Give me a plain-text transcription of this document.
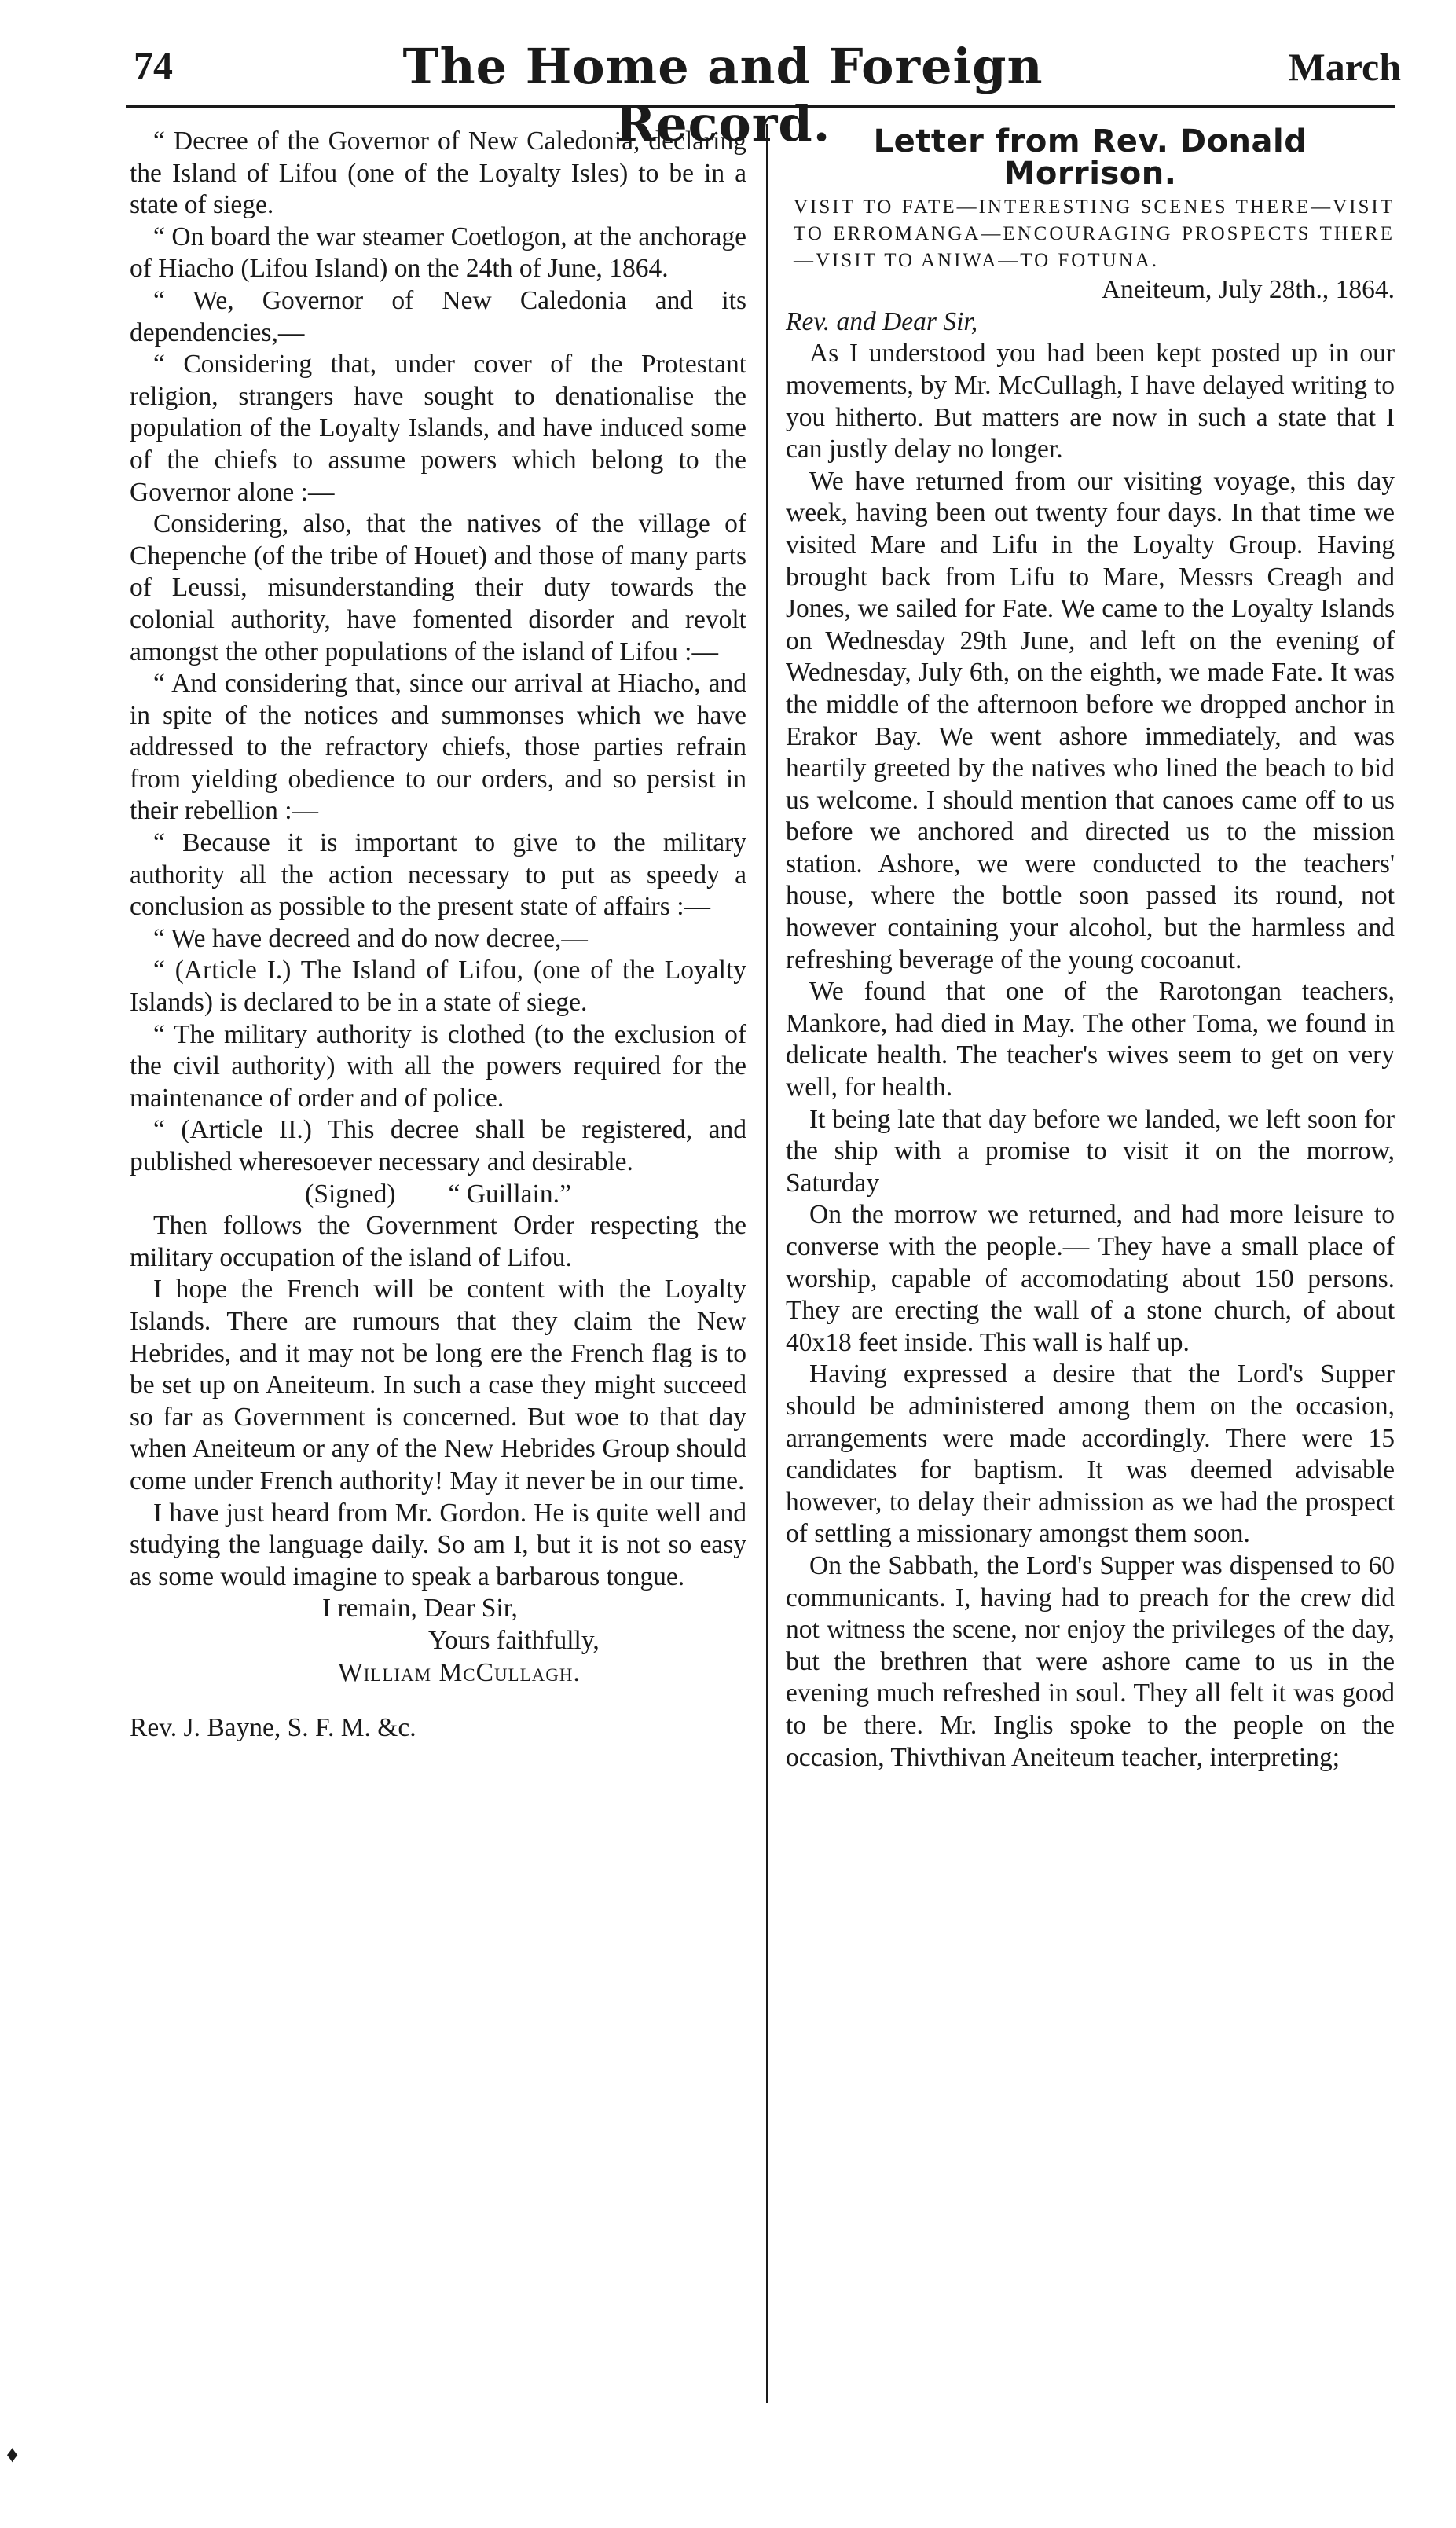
74	The Home and Foreign Record.
March

“ Decree of the Governor of New Caledonia, declaring the Island of Lifou (one of the Loyalty Isles) to be in a state of siege.

“ On board the war steamer Coetlogon, at the anchorage of Hiacho (Lifou Island) on the 24th of June, 1864.

“ We, Governor of New Caledonia and its dependencies,—

“ Considering that, under cover of the Protestant religion, strangers have sought to denationalise the population of the Loyalty Islands, and have induced some of the chiefs to assume powers which belong to the Governor alone :—

Considering, also, that the natives of the village of Chepenche (of the tribe of Houet) and those of many parts of Leussi, misunderstanding their duty towards the colonial authority, have fomented disorder and revolt amongst the other populations of the island of Lifou :—

“ And considering that, since our arrival at Hiacho, and in spite of the notices and summonses which we have addressed to the refractory chiefs, those parties refrain from yielding obedience to our orders, and so persist in their rebellion :—

“ Because it is important to give to the military authority all the action necessary to put as speedy a conclusion as possible to the present state of affairs :—

“ We have decreed and do now decree,—

“ (Article I.) The Island of Lifou, (one of the Loyalty Islands) is declared to be in a state of siege.

“ The military authority is clothed (to the exclusion of the civil authority) with all the powers required for the maintenance of order and of police.

“ (Article II.) This decree shall be registered, and published wheresoever necessary and desirable.

(Signed)        “ Guillain.”

Then follows the Government Order respecting the military occupation of the island of Lifou.

I hope the French will be content with the Loyalty Islands. There are rumours that they claim the New Hebrides, and it may not be long ere the French flag is to be set up on Aneiteum. In such a case they might succeed so far as Government is concerned. But woe to that day when Aneiteum or any of the New Hebrides Group should come under French authority! May it never be in our time.

I have just heard from Mr. Gordon. He is quite well and studying the language daily. So am I, but it is not so easy as some would imagine to speak a barbarous tongue.

I remain, Dear Sir,

Yours faithfully,

William McCullagh.

Rev. J. Bayne, S. F. M. &c.

Letter from Rev. Donald Morrison.

VISIT TO FATE—INTERESTING SCENES THERE—VISIT TO ERROMANGA—ENCOURAGING PROSPECTS THERE—VISIT TO ANIWA—TO FOTUNA.

Aneiteum, July 28th., 1864.

Rev. and Dear Sir,

As I understood you had been kept posted up in our movements, by Mr. McCullagh, I have delayed writing to you hitherto. But matters are now in such a state that I can justly delay no longer.

We have returned from our visiting voyage, this day week, having been out twenty four days. In that time we visited Mare and Lifu in the Loyalty Group. Having brought back from Lifu to Mare, Messrs Creagh and Jones, we sailed for Fate. We came to the Loyalty Islands on Wednesday 29th June, and left on the evening of Wednesday, July 6th, on the eighth, we made Fate. It was the middle of the afternoon before we dropped anchor in Erakor Bay. We went ashore immediately, and was heartily greeted by the natives who lined the beach to bid us welcome. I should mention that canoes came off to us before we anchored and directed us to the mission station. Ashore, we were conducted to the teachers' house, where the bottle soon passed its round, not however containing your alcohol, but the harmless and refreshing beverage of the young cocoanut.

We found that one of the Rarotongan teachers, Mankore, had died in May. The other Toma, we found in delicate health. The teacher's wives seem to get on very well, for health.

It being late that day before we landed, we left soon for the ship with a promise to visit it on the morrow, Saturday

On the morrow we returned, and had more leisure to converse with the people.— They have a small place of worship, capable of accomodating about 150 persons. They are erecting the wall of a stone church, of about 40x18 feet inside. This wall is half up.

Having expressed a desire that the Lord's Supper should be administered among them on the occasion, arrangements were made accordingly. There were 15 candidates for baptism. It was deemed advisable however, to delay their admission as we had the prospect of settling a missionary amongst them soon.

On the Sabbath, the Lord's Supper was dispensed to 60 communicants. I, having had to preach for the crew did not witness the scene, nor enjoy the privileges of the day, but the brethren that were ashore came to us in the evening much refreshed in soul. They all felt it was good to be there. Mr. Inglis spoke to the people on the occasion, Thivthivan Aneiteum teacher, interpreting;

♦
